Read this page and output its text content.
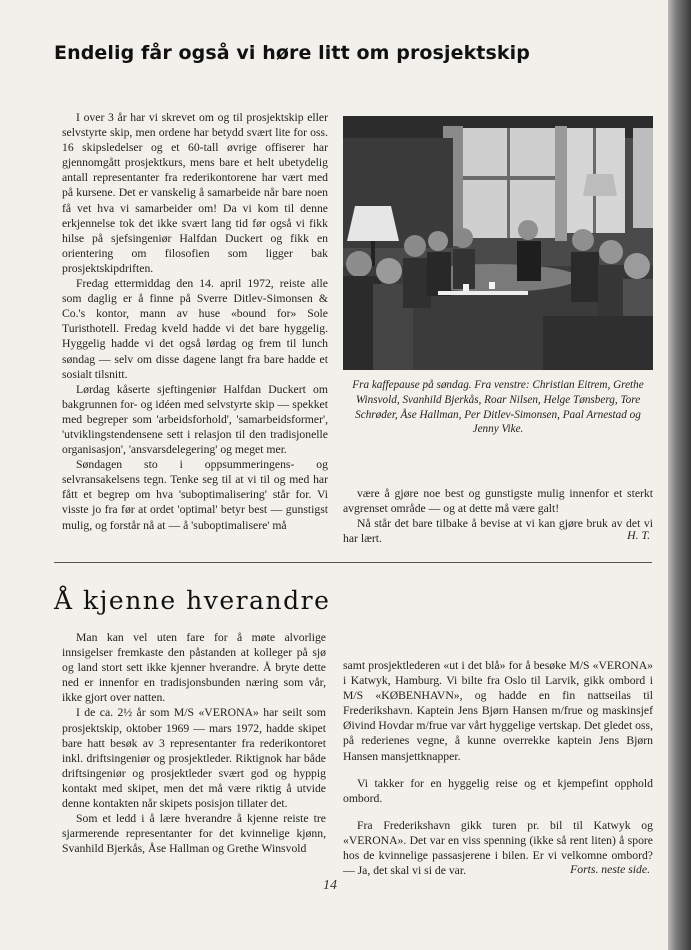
Endelig får også vi høre litt om prosjektskip

I over 3 år har vi skrevet om og til prosjektskip eller selvstyrte skip, men ordene har betydd svært lite for oss. 16 skipsledelser og et 60-tall øvrige offiserer har gjennomgått prosjektkurs, mens bare et helt ubetydelig antall representanter fra rederikontorene har vært med på kursene. Det er vanskelig å samarbeide når bare noen få vet hva vi samarbeider om! Da vi kom til denne erkjennelse tok det ikke svært lang tid før også vi fikk hilse på sjefsingeniør Halfdan Duckert og fikk en orientering om filosofien som ligger bak prosjektskipdriften.

Fredag ettermiddag den 14. april 1972, reiste alle som daglig er å finne på Sverre Ditlev-Simonsen & Co.'s kontor, mann av huse «bound for» Sole Turisthotell. Fredag kveld hadde vi det bare hyggelig. Hyggelig hadde vi det også lørdag og frem til lunch søndag — selv om disse dagene langt fra bare hadde et sosialt tilsnitt.

Lørdag kåserte sjeftingeniør Halfdan Duckert om bakgrunnen for- og idéen med selvstyrte skip — spekket med begreper som 'arbeidsforhold', 'samarbeidsformer', 'utviklingstendensene sett i relasjon til den tradisjonelle organisasjon', 'ansvarsdelegering' og meget mer.

Søndagen sto i oppsummeringens- og selvransakelsens tegn. Tenke seg til at vi til og med har fått et begrep om hva 'suboptimalisering' står for. Vi visste jo fra før at ordet 'optimal' betyr best — gunstigst mulig, og forstår nå at — å 'suboptimalisere' må

Fra kaffepause på søndag. Fra venstre: Christian Eitrem, Grethe Winsvold, Svanhild Bjerkås, Roar Nilsen, Helge Tønsberg, Tore Schrøder, Åse Hallman, Per Ditlev-Simonsen, Paal Arnestad og Jenny Vike.

være å gjøre noe best og gunstigste mulig innenfor et sterkt avgrenset område — og at dette må være galt!

Nå står det bare tilbake å bevise at vi kan gjøre bruk av det vi har lært.	H. T.
Å kjenne hverandre

Man kan vel uten fare for å møte alvorlige innsigelser fremkaste den påstanden at kolleger på sjø og land stort sett ikke kjenner hverandre. Å bryte dette ned er innenfor en tradisjonsbunden næring som vår, ikke gjort over natten.

I de ca. 2½ år som M/S «VERONA» har seilt som prosjektskip, oktober 1969 — mars 1972, hadde skipet bare hatt besøk av 3 representanter fra rederikontoret inkl. driftsingeniør og prosjektleder. Riktignok har både driftsingeniør og prosjektleder svært god og hyppig kontakt med skipet, men det må være riktig å utvide denne kontakten når skipets posisjon tillater det.

Som et ledd i å lære hverandre å kjenne reiste tre sjarmerende representanter for det kvinnelige kjønn, Svanhild Bjerkås, Åse Hallman og Grethe Winsvold

samt prosjektlederen «ut i det blå» for å besøke M/S «VERONA» i Katwyk, Hamburg. Vi bilte fra Oslo til Larvik, gikk ombord i M/S «KØBENHAVN», og hadde en fin nattseilas til Frederikshavn. Kaptein Jens Bjørn Hansen m/frue og maskinsjef Øivind Hovdar m/frue var vårt hyggelige vertskap. Det gledet oss, på rederienes vegne, å kunne overrekke kaptein Jens Bjørn Hansen mansjettknapper.

Vi takker for en hyggelig reise og et kjempefint opphold ombord.

Fra Frederikshavn gikk turen pr. bil til Katwyk og «VERONA». Det var en viss spenning (ikke så rent liten) å spore hos de kvinnelige passasjerene i bilen. Er vi velkomne ombord? — Ja, det skal vi si de var.	Forts. neste side.
14
